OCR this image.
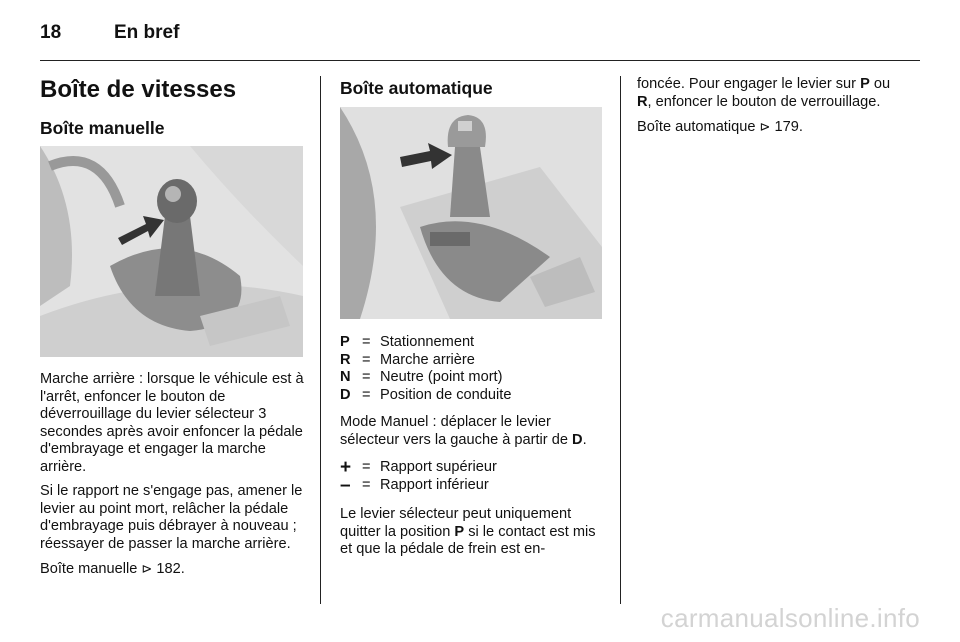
18	En bref
Boîte de vitesses
Boîte manuelle

Marche arrière : lorsque le véhicule est à l'arrêt, enfoncer le bouton de déverrouillage du levier sélecteur 3 secondes après avoir enfoncer la pédale d'embrayage et engager la marche arrière.

Si le rapport ne s'engage pas, amener le levier au point mort, relâcher la pédale d'embrayage puis débrayer à nouveau ; réessayer de passer la marche arrière.

Boîte manuelle ⊳ 182.

Boîte automatique
P = Stationnement
R = Marche arrière
N = Neutre (point mort)
D = Position de conduite

Mode Manuel : déplacer le levier sélecteur vers la gauche à partir de D.

+ = Rapport supérieur
– = Rapport inférieur

Le levier sélecteur peut uniquement quitter la position P si le contact est mis et que la pédale de frein est en-

foncée. Pour engager le levier sur P ou R, enfoncer le bouton de verrouillage.

Boîte automatique ⊳ 179.

carmanualsonline.info
